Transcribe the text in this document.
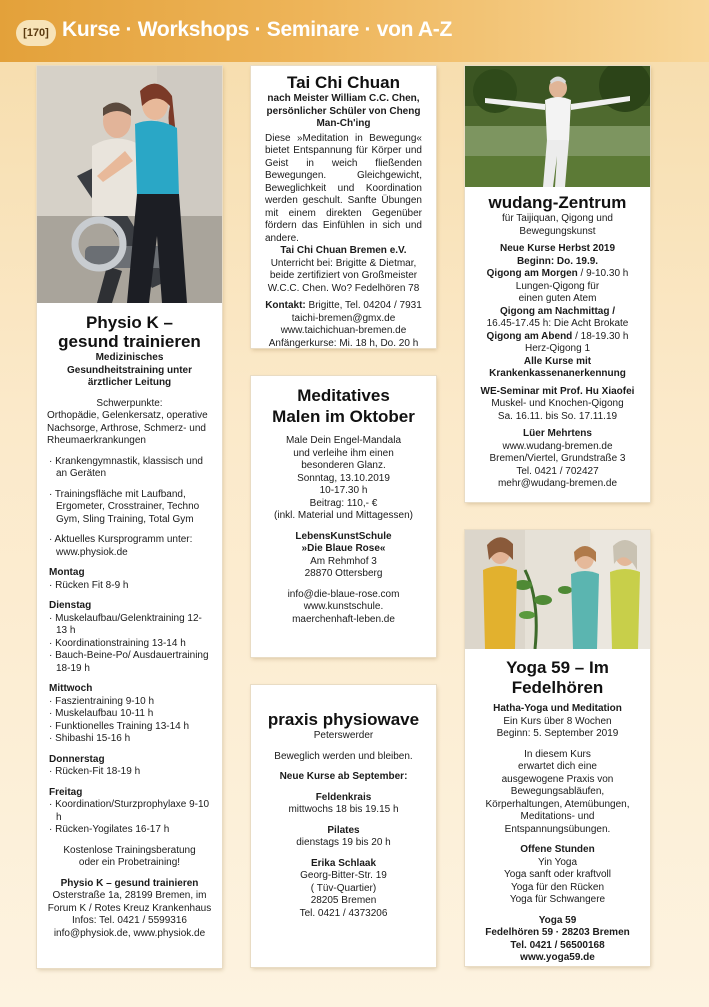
[170] Kurse · Workshops · Seminare · von A-Z
Physio K –
gesund trainieren
Medizinisches Gesundheitstraining unter ärztlicher Leitung
Schwerpunkte:
Orthopädie, Gelenkersatz, operative Nachsorge, Arthrose, Schmerz- und Rheumaerkrankungen
· Krankengymnastik, klassisch und an Geräten
· Trainingsfläche mit Laufband, Ergometer, Crosstrainer, Techno Gym, Sling Training, Total Gym
· Aktuelles Kursprogramm unter: www.physiok.de
Montag
· Rücken Fit 8-9 h
Dienstag
· Muskelaufbau/Gelenktraining 12-13 h
· Koordinationstraining 13-14 h
· Bauch-Beine-Po/ Ausdauertraining 18-19 h
Mittwoch
· Faszientraining 9-10 h
· Muskelaufbau 10-11 h
· Funktionelles Training 13-14 h
· Shibashi 15-16 h
Donnerstag
· Rücken-Fit 18-19 h
Freitag
· Koordination/Sturzprophylaxe 9-10 h
· Rücken-Yogilates 16-17 h
Kostenlose Trainingsberatung oder ein Probetraining!
Physio K – gesund trainieren
Osterstraße 1a, 28199 Bremen, im Forum K / Rotes Kreuz Krankenhaus
Infos: Tel. 0421 / 5599316
info@physiok.de, www.physiok.de
Tai Chi Chuan
nach Meister William C.C. Chen, persönlicher Schüler von Cheng Man-Ch'ing
Diese »Meditation in Bewegung« bietet Entspannung für Körper und Geist in weich fließenden Bewegungen. Gleichgewicht, Beweglichkeit und Koordination werden geschult. Sanfte Übungen mit einem direkten Gegenüber fördern das Einfühlen in sich und andere.
Tai Chi Chuan Bremen e.V.
Unterricht bei: Brigitte & Dietmar, beide zertifiziert von Großmeister W.C.C. Chen. Wo? Fedelhören 78
Kontakt: Brigitte, Tel. 04204 / 7931
taichi-bremen@gmx.de
www.taichichuan-bremen.de
Anfängerkurse: Mi. 18 h, Do. 20 h
Meditatives Malen im Oktober
Male Dein Engel-Mandala
und verleihe ihm einen
besonderen Glanz.
Sonntag, 13.10.2019
10-17.30 h
Beitrag: 110,- €
(inkl. Material und Mittagessen)
LebensKunstSchule
»Die Blaue Rose«
Am Rehmhof 3
28870 Ottersberg
info@die-blaue-rose.com
www.kunstschule.
maerchenhaft-leben.de
praxis physiowave
Peterswerder
Beweglich werden und bleiben.
Neue Kurse ab September:
Feldenkrais
mittwochs 18 bis 19.15 h
Pilates
dienstags 19 bis 20 h
Erika Schlaak
Georg-Bitter-Str. 19
( Tüv-Quartier)
28205 Bremen
Tel. 0421 / 4373206
wudang-Zentrum
für Taijiquan, Qigong und Bewegungskunst
Neue Kurse Herbst 2019
Beginn: Do. 19.9.
Qigong am Morgen / 9-10.30 h
Lungen-Qigong für einen guten Atem
Qigong am Nachmittag /
16.45-17.45 h: Die Acht Brokate
Qigong am Abend / 18-19.30 h
Herz-Qigong 1
Alle Kurse mit Krankenkassenanerkennung
WE-Seminar mit Prof. Hu Xiaofei
Muskel- und Knochen-Qigong Sa. 16.11. bis So. 17.11.19
Lüer Mehrtens
www.wudang-bremen.de
Bremen/Viertel, Grundstraße 3
Tel. 0421 / 702427
mehr@wudang-bremen.de
Yoga 59 – Im Fedelhören
Hatha-Yoga und Meditation
Ein Kurs über 8 Wochen
Beginn: 5. September 2019
In diesem Kurs
erwartet dich eine
ausgewogene Praxis von
Bewegungsabläufen,
Körperhaltungen, Atemübungen,
Meditations- und
Entspannungsübungen.
Offene Stunden
Yin Yoga
Yoga sanft oder kraftvoll
Yoga für den Rücken
Yoga für Schwangere
Yoga 59
Fedelhören 59 · 28203 Bremen
Tel. 0421 / 56500168
www.yoga59.de
